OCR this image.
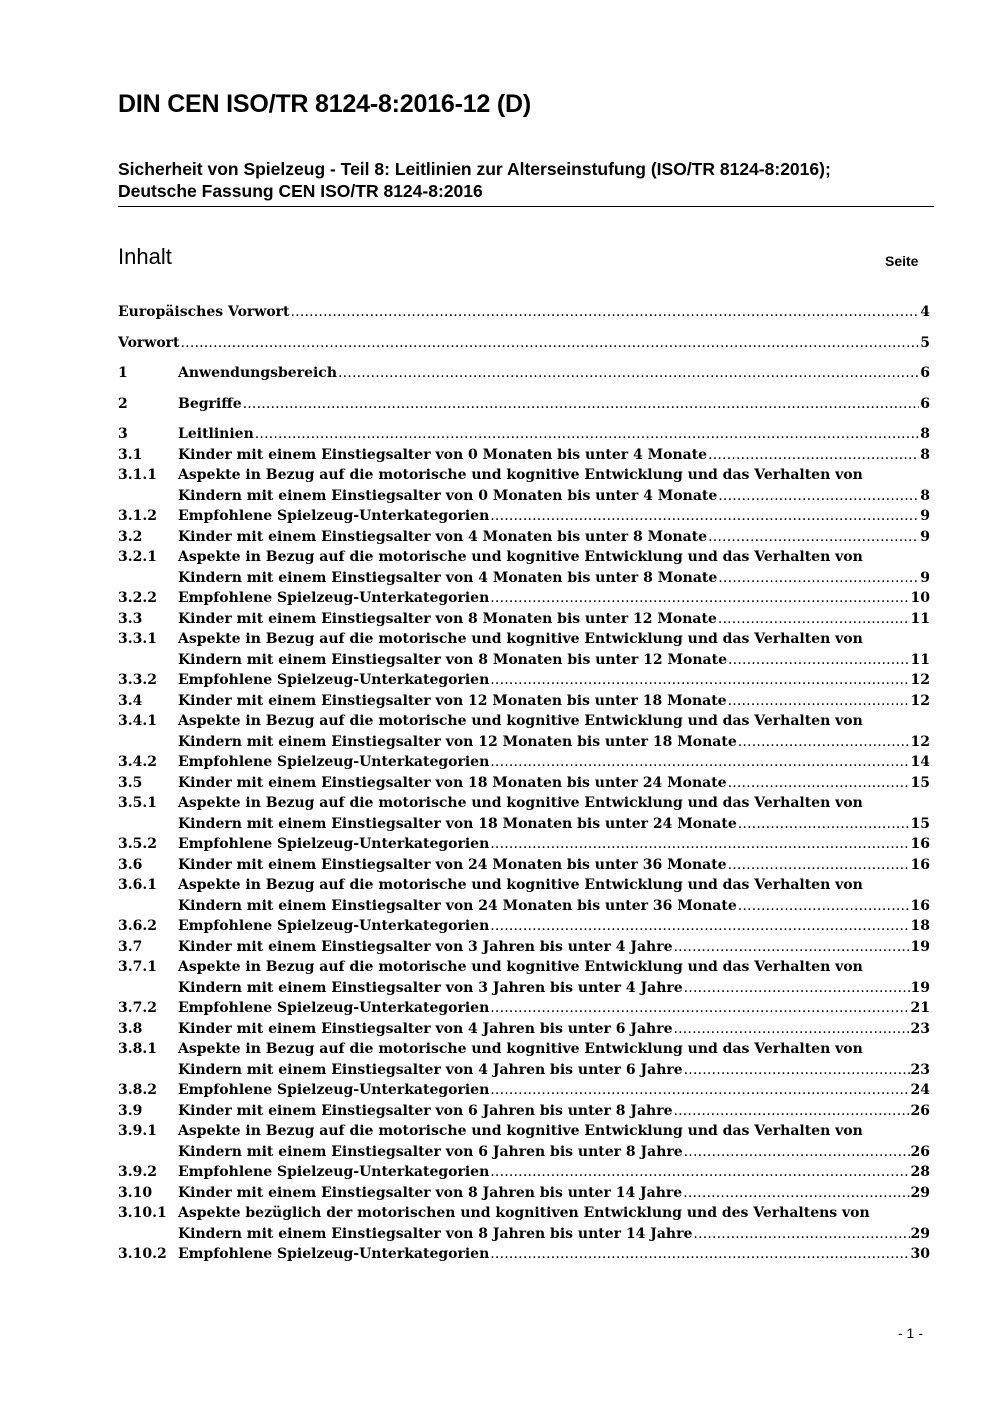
DIN CEN ISO/TR 8124-8:2016-12 (D)
Sicherheit von Spielzeug - Teil 8: Leitlinien zur Alterseinstufung (ISO/TR 8124-8:2016); Deutsche Fassung CEN ISO/TR 8124-8:2016
Inhalt	Seite
Europäisches Vorwort .....	4
Vorwort .....	5
1	Anwendungsbereich .....	6
2	Begriffe .....	6
3	Leitlinien .....	8
3.1	Kinder mit einem Einstiegsalter von 0 Monaten bis unter 4 Monate .....	8
3.1.1 Aspekte in Bezug auf die motorische und kognitive Entwicklung und das Verhalten von
Kindern mit einem Einstiegsalter von 0 Monaten bis unter 4 Monate .....	8
3.1.2 Empfohlene Spielzeug-Unterkategorien .....	9
3.2	Kinder mit einem Einstiegsalter von 4 Monaten bis unter 8 Monate .....	9
3.2.1 Aspekte in Bezug auf die motorische und kognitive Entwicklung und das Verhalten von
Kindern mit einem Einstiegsalter von 4 Monaten bis unter 8 Monate .....	9
3.2.2 Empfohlene Spielzeug-Unterkategorien .....	10
3.3	Kinder mit einem Einstiegsalter von 8 Monaten bis unter 12 Monate .....	11
3.3.1 Aspekte in Bezug auf die motorische und kognitive Entwicklung und das Verhalten von
Kindern mit einem Einstiegsalter von 8 Monaten bis unter 12 Monate .....	11
3.3.2 Empfohlene Spielzeug-Unterkategorien .....	12
3.4	Kinder mit einem Einstiegsalter von 12 Monaten bis unter 18 Monate .....	12
3.4.1 Aspekte in Bezug auf die motorische und kognitive Entwicklung und das Verhalten von
Kindern mit einem Einstiegsalter von 12 Monaten bis unter 18 Monate .....	12
3.4.2 Empfohlene Spielzeug-Unterkategorien .....	14
3.5	Kinder mit einem Einstiegsalter von 18 Monaten bis unter 24 Monate .....	15
3.5.1 Aspekte in Bezug auf die motorische und kognitive Entwicklung und das Verhalten von
Kindern mit einem Einstiegsalter von 18 Monaten bis unter 24 Monate .....	15
3.5.2 Empfohlene Spielzeug-Unterkategorien .....	16
3.6	Kinder mit einem Einstiegsalter von 24 Monaten bis unter 36 Monate .....	16
3.6.1 Aspekte in Bezug auf die motorische und kognitive Entwicklung und das Verhalten von
Kindern mit einem Einstiegsalter von 24 Monaten bis unter 36 Monate .....	16
3.6.2 Empfohlene Spielzeug-Unterkategorien .....	18
3.7	Kinder mit einem Einstiegsalter von 3 Jahren bis unter 4 Jahre .....	19
3.7.1 Aspekte in Bezug auf die motorische und kognitive Entwicklung und das Verhalten von
Kindern mit einem Einstiegsalter von 3 Jahren bis unter 4 Jahre .....	19
3.7.2 Empfohlene Spielzeug-Unterkategorien .....	21
3.8	Kinder mit einem Einstiegsalter von 4 Jahren bis unter 6 Jahre .....	23
3.8.1 Aspekte in Bezug auf die motorische und kognitive Entwicklung und das Verhalten von
Kindern mit einem Einstiegsalter von 4 Jahren bis unter 6 Jahre .....	23
3.8.2 Empfohlene Spielzeug-Unterkategorien .....	24
3.9	Kinder mit einem Einstiegsalter von 6 Jahren bis unter 8 Jahre .....	26
3.9.1 Aspekte in Bezug auf die motorische und kognitive Entwicklung und das Verhalten von
Kindern mit einem Einstiegsalter von 6 Jahren bis unter 8 Jahre .....	26
3.9.2 Empfohlene Spielzeug-Unterkategorien .....	28
3.10 Kinder mit einem Einstiegsalter von 8 Jahren bis unter 14 Jahre .....	29
3.10.1 Aspekte bezüglich der motorischen und kognitiven Entwicklung und des Verhaltens von
Kindern mit einem Einstiegsalter von 8 Jahren bis unter 14 Jahre .....	29
3.10.2 Empfohlene Spielzeug-Unterkategorien .....	30
- 1 -
